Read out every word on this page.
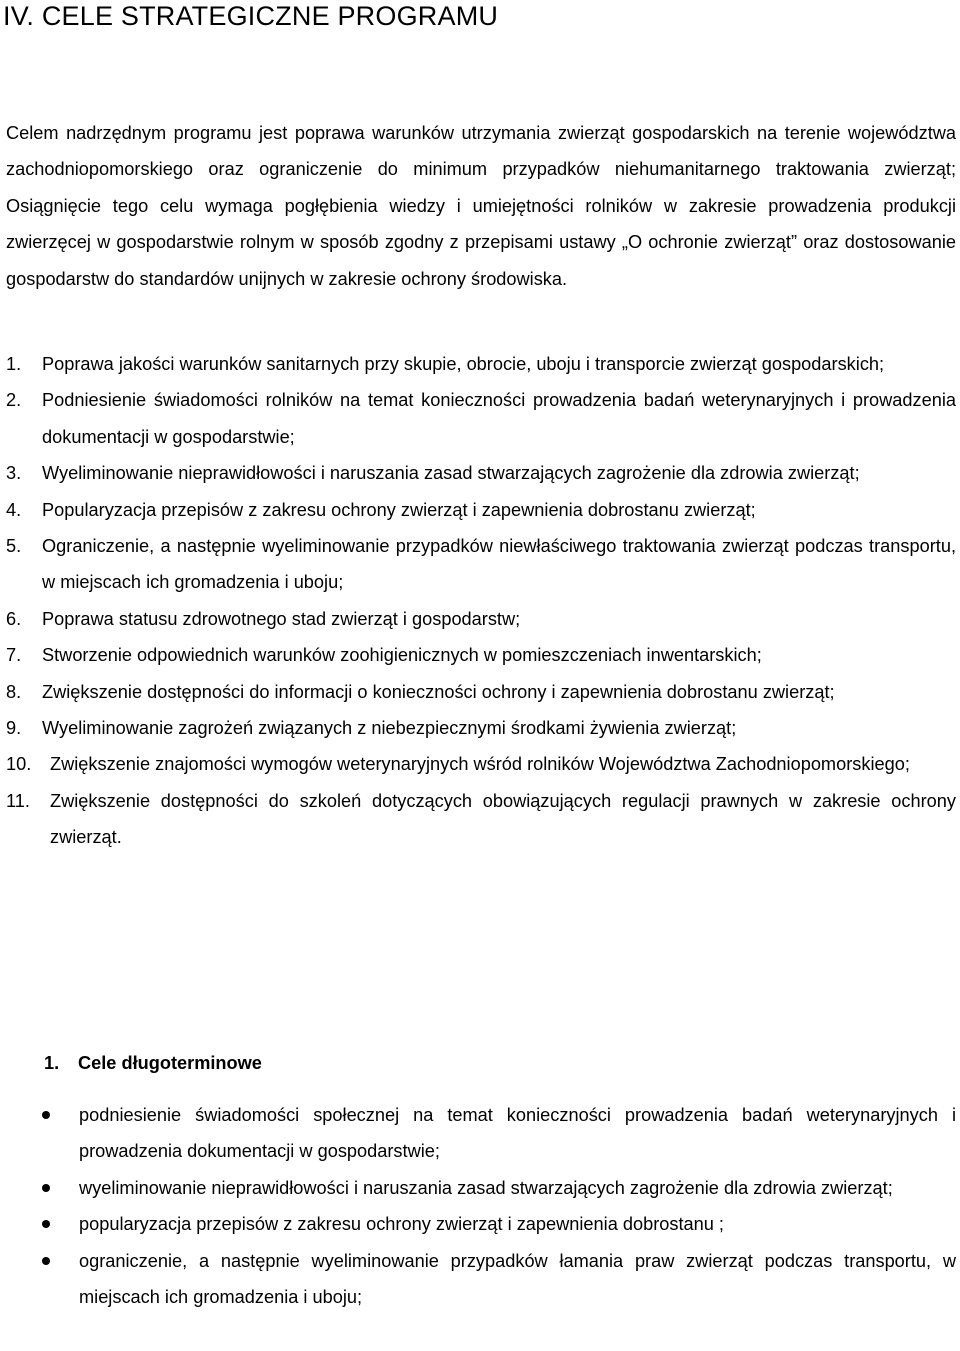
IV. CELE STRATEGICZNE PROGRAMU

Celem nadrzędnym programu jest poprawa warunków utrzymania zwierząt gospodarskich na terenie województwa zachodniopomorskiego oraz ograniczenie do minimum przypadków niehumanitarnego traktowania zwierząt; Osiągnięcie tego celu wymaga pogłębienia wiedzy i umiejętności rolników w zakresie prowadzenia produkcji zwierzęcej w gospodarstwie rolnym w sposób zgodny z przepisami ustawy „O ochronie zwierząt” oraz dostosowanie gospodarstw do standardów unijnych w zakresie ochrony środowiska.

1.	Poprawa jakości warunków sanitarnych przy skupie, obrocie, uboju i transporcie zwierząt gospodarskich;
2.	Podniesienie świadomości rolników na temat konieczności prowadzenia badań weterynaryjnych i prowadzenia dokumentacji w gospodarstwie;
3.	Wyeliminowanie nieprawidłowości i naruszania zasad stwarzających zagrożenie dla zdrowia zwierząt;
4.	Popularyzacja przepisów z zakresu ochrony zwierząt i zapewnienia dobrostanu zwierząt;
5.	Ograniczenie, a następnie wyeliminowanie przypadków niewłaściwego traktowania zwierząt podczas transportu, w miejscach ich gromadzenia i uboju;
6.	Poprawa statusu zdrowotnego stad zwierząt i gospodarstw;
7.	Stworzenie odpowiednich warunków zoohigienicznych w pomieszczeniach inwentarskich;
8.	Zwiększenie dostępności do informacji o konieczności ochrony i zapewnienia dobrostanu zwierząt;
9.	Wyeliminowanie zagrożeń związanych z niebezpiecznymi środkami żywienia zwierząt;
10.	Zwiększenie znajomości wymogów weterynaryjnych wśród rolników Województwa Zachodniopomorskiego;
11.	Zwiększenie dostępności do szkoleń dotyczących obowiązujących regulacji prawnych w zakresie ochrony zwierząt.
1. Cele długoterminowe
podniesienie świadomości społecznej na temat konieczności prowadzenia badań weterynaryjnych i prowadzenia dokumentacji w gospodarstwie;
wyeliminowanie nieprawidłowości i naruszania zasad stwarzających zagrożenie dla zdrowia zwierząt;
popularyzacja przepisów z zakresu ochrony zwierząt i zapewnienia dobrostanu ;
ograniczenie, a następnie wyeliminowanie przypadków łamania praw zwierząt podczas transportu, w miejscach ich gromadzenia i uboju;
